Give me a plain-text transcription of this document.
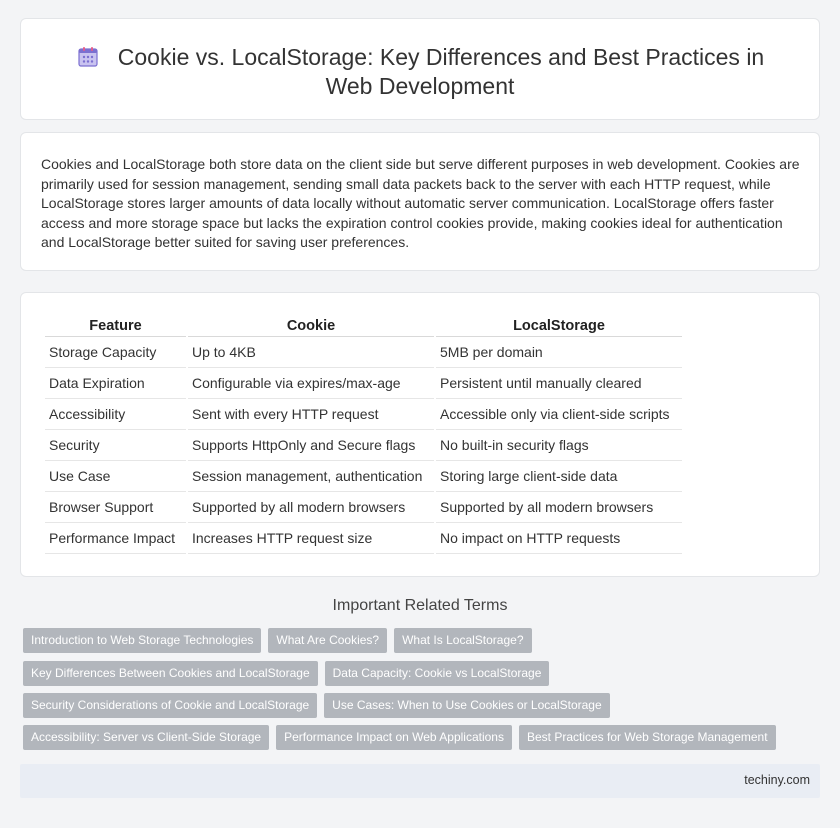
Cookie vs. LocalStorage: Key Differences and Best Practices in
Web Development

Cookies and LocalStorage both store data on the client side but serve different purposes in web development. Cookies are primarily used for session management, sending small data packets back to the server with each HTTP request, while LocalStorage stores larger amounts of data locally without automatic server communication. LocalStorage offers faster access and more storage space but lacks the expiration control cookies provide, making cookies ideal for authentication and LocalStorage better suited for saving user preferences.

Feature	Cookie	LocalStorage
Storage Capacity	Up to 4KB	5MB per domain
Data Expiration	Configurable via expires/max-age	Persistent until manually cleared
Accessibility	Sent with every HTTP request	Accessible only via client-side scripts
Security	Supports HttpOnly and Secure flags	No built-in security flags
Use Case	Session management, authentication	Storing large client-side data
Browser Support	Supported by all modern browsers	Supported by all modern browsers
Performance Impact	Increases HTTP request size	No impact on HTTP requests
Important Related Terms
Introduction to Web Storage Technologies	What Are Cookies?	What Is LocalStorage?
Key Differences Between Cookies and LocalStorage	Data Capacity: Cookie vs LocalStorage
Security Considerations of Cookie and LocalStorage	Use Cases: When to Use Cookies or LocalStorage
Accessibility: Server vs Client-Side Storage	Performance Impact on Web Applications	Best Practices for Web Storage Management
techiny.com
